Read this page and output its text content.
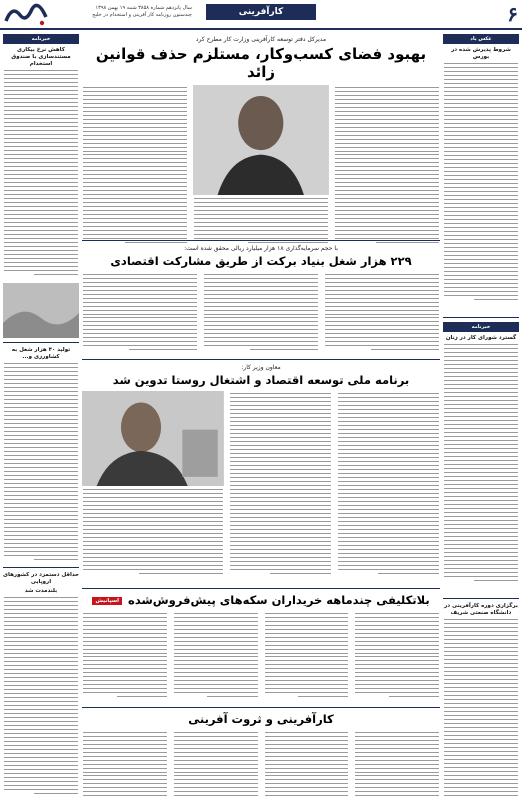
سال پانزدهم شماره ۳۸۵۸ شنبه ۱۹ بهمن ۱۳۹۸
چندستون روزنامه کار آفرینی و استخدام در خلیج	کارآفرینی	۶
عکس یاد
شروط پذیرش شده در بورس
خبرنامه
گسترد شورای کار در زنان
برگزاری دوره کارآفرینی در دانشگاه صنعتی شریف
خبرنامه
کاهش نرخ بیکاری مستندسازی با صندوق استخدام
تولید ۴۰ هزار شغل به کشاورزی و...
حداقل دستمزد در کشورهای اروپایی
بلندمدت شد
مدیرکل دفتر توسعه کارآفرینی وزارت کار مطرح کرد
بهبود فضای کسب‌وکار، مستلزم حذف قوانین زائد
با حجم سرمایه‌گذاری ۱۸ هزار میلیارد ریالی محقق شده است:
۲۲۹ هزار شغل بنیاد برکت از طریق مشارکت اقتصادی
معاون وزیر کار:
برنامه ملی توسعه اقتصاد و اشتغال روستا تدوین شد
بلاتکلیفی چندماهه خریداران سکه‌های پیش‌فروش‌شده
اسپانیش
کارآفرینی و ثروت آفرینی
